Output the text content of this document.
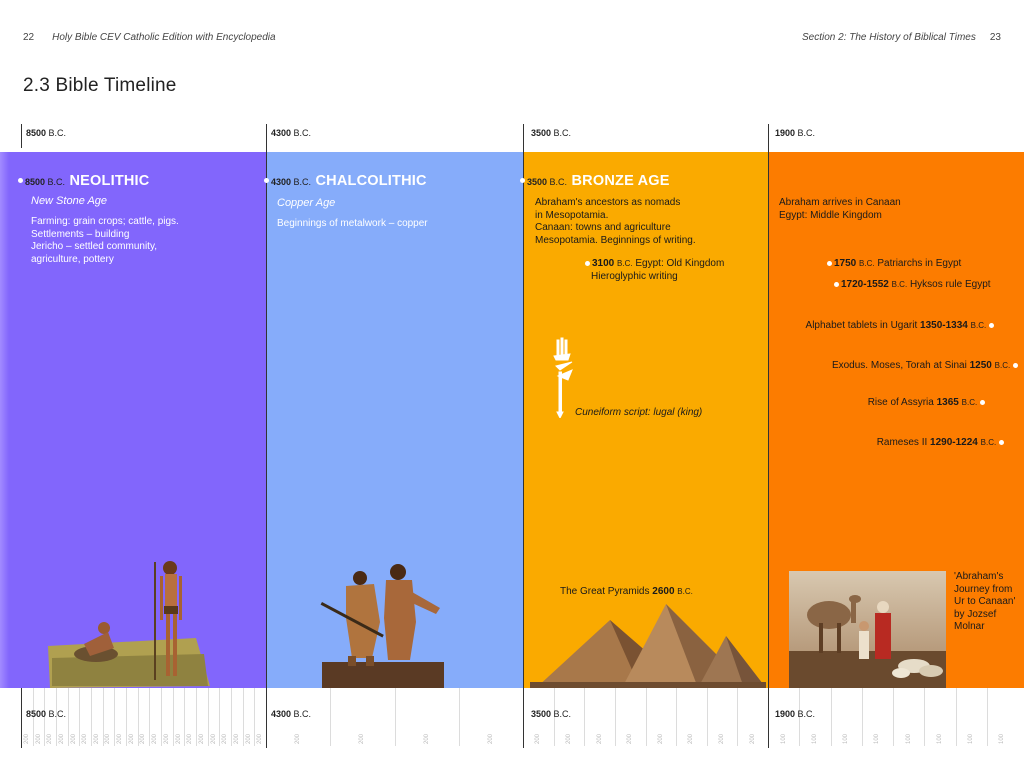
22 Holy Bible CEV Catholic Edition with Encyclopedia	Section 2: The History of Biblical Times 23
2.3 Bible Timeline
8500 B.C.	4300 B.C.	3500 B.C.	1900 B.C.
8500 B.C. NEOLITHIC
New Stone Age
Farming: grain crops; cattle, pigs.
Settlements – building
Jericho – settled community,
agriculture, pottery
4300 B.C. CHALCOLITHIC
Copper Age
Beginnings of metalwork – copper
3500 B.C. BRONZE AGE
Abraham's ancestors as nomads
in Mesopotamia.
Canaan: towns and agriculture
Mesopotamia. Beginnings of writing.
3100 B.C. Egypt: Old Kingdom
Hieroglyphic writing
Cuneiform script: lugal (king)
The Great Pyramids 2600 B.C.
Abraham arrives in Canaan
Egypt: Middle Kingdom
1750 B.C. Patriarchs in Egypt
1720-1552 B.C. Hyksos rule Egypt
Alphabet tablets in Ugarit 1350-1334 B.C.
Exodus. Moses, Torah at Sinai 1250 B.C.
Rise of Assyria 1365 B.C.
Rameses II 1290-1224 B.C.
'Abraham's
Journey from
Ur to Canaan'
by Jozsef
Molnar
200 200 200 200 200 200 200 200 200 200 200 200 200 200 200 200 200 200 200 200 200	200	200	200	200	200	200	200	200	200	200	200	200	100	100	100	100	100	100	100	100
8500 B.C.	4300 B.C.	3500 B.C.	1900 B.C.
